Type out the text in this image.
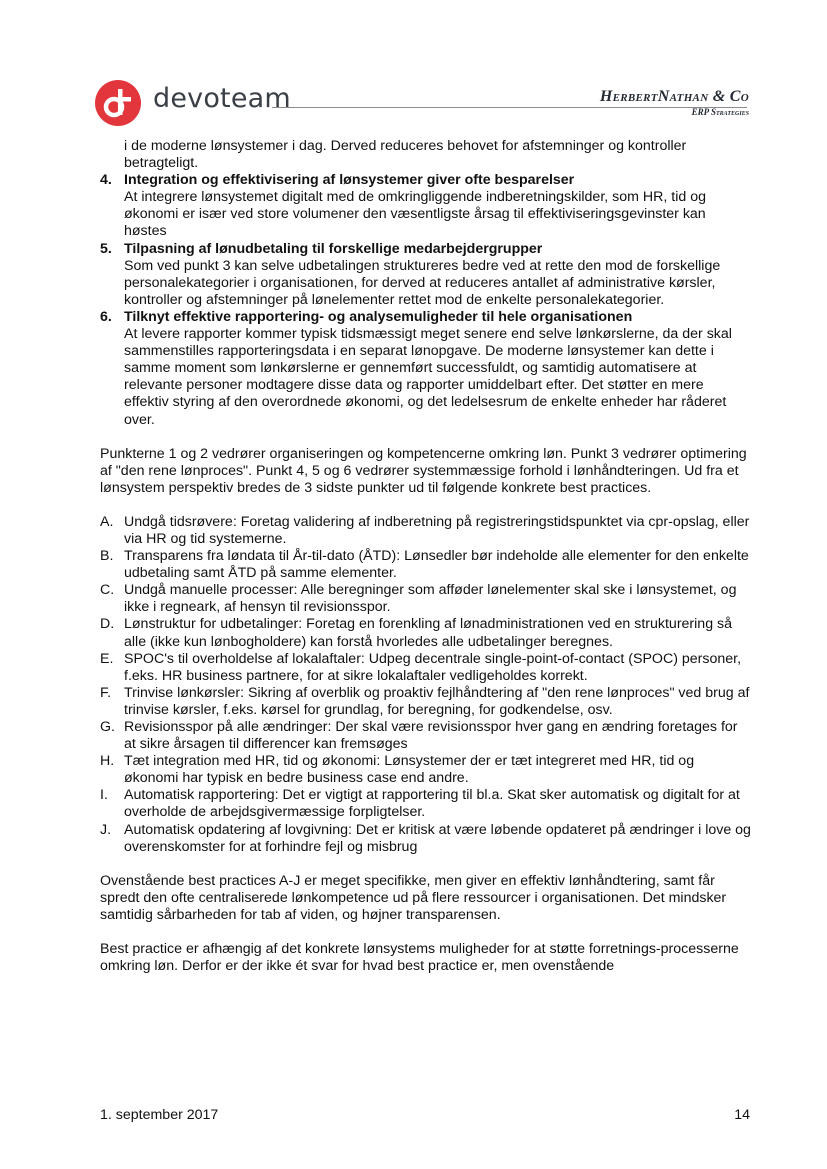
devoteam	HerbertNathan & Co
ERP Strategies
i de moderne lønsystemer i dag. Derved reduceres behovet for afstemninger og kontroller betragteligt.
4. Integration og effektivisering af lønsystemer giver ofte besparelser
At integrere lønsystemet digitalt med de omkringliggende indberetningskilder, som HR, tid og økonomi er især ved store volumener den væsentligste årsag til effektiviseringsgevinster kan høstes
5. Tilpasning af lønudbetaling til forskellige medarbejdergrupper
Som ved punkt 3 kan selve udbetalingen struktureres bedre ved at rette den mod de forskellige personalekategorier i organisationen, for derved at reduceres antallet af administrative kørsler, kontroller og afstemninger på lønelementer rettet mod de enkelte personalekategorier.
6. Tilknyt effektive rapportering- og analysemuligheder til hele organisationen
At levere rapporter kommer typisk tidsmæssigt meget senere end selve lønkørslerne, da der skal sammenstilles rapporteringsdata i en separat lønopgave. De moderne lønsystemer kan dette i samme moment som lønkørslerne er gennemført successfuldt, og samtidig automatisere at relevante personer modtagere disse data og rapporter umiddelbart efter. Det støtter en mere effektiv styring af den overordnede økonomi, og det ledelsesrum de enkelte enheder har råderet over.

Punkterne 1 og 2 vedrører organiseringen og kompetencerne omkring løn. Punkt 3 vedrører optimering af "den rene lønproces". Punkt 4, 5 og 6 vedrører systemmæssige forhold i lønhåndteringen. Ud fra et lønsystem perspektiv bredes de 3 sidste punkter ud til følgende konkrete best practices.

A. Undgå tidsrøvere: Foretag validering af indberetning på registreringstidspunktet via cpr-opslag, eller via HR og tid systemerne.
B. Transparens fra løndata til År-til-dato (ÅTD): Lønsedler bør indeholde alle elementer for den enkelte udbetaling samt ÅTD på samme elementer.
C. Undgå manuelle processer: Alle beregninger som afføder lønelementer skal ske i lønsystemet, og ikke i regneark, af hensyn til revisionsspor.
D. Lønstruktur for udbetalinger: Foretag en forenkling af lønadministrationen ved en strukturering så alle (ikke kun lønbogholdere) kan forstå hvorledes alle udbetalinger beregnes.
E. SPOC's til overholdelse af lokalaftaler: Udpeg decentrale single-point-of-contact (SPOC) personer, f.eks. HR business partnere, for at sikre lokalaftaler vedligeholdes korrekt.
F. Trinvise lønkørsler: Sikring af overblik og proaktiv fejlhåndtering af "den rene lønproces" ved brug af trinvise kørsler, f.eks. kørsel for grundlag, for beregning, for godkendelse, osv.
G. Revisionsspor på alle ændringer: Der skal være revisionsspor hver gang en ændring foretages for at sikre årsagen til differencer kan fremsøges
H. Tæt integration med HR, tid og økonomi: Lønsystemer der er tæt integreret med HR, tid og økonomi har typisk en bedre business case end andre.
I. Automatisk rapportering: Det er vigtigt at rapportering til bl.a. Skat sker automatisk og digitalt for at overholde de arbejdsgivermæssige forpligtelser.
J. Automatisk opdatering af lovgivning: Det er kritisk at være løbende opdateret på ændringer i love og overenskomster for at forhindre fejl og misbrug

Ovenstående best practices A-J er meget specifikke, men giver en effektiv lønhåndtering, samt får spredt den ofte centraliserede lønkompetence ud på flere ressourcer i organisationen. Det mindsker samtidig sårbarheden for tab af viden, og højner transparensen.

Best practice er afhængig af det konkrete lønsystems muligheder for at støtte forretnings-processerne omkring løn. Derfor er der ikke ét svar for hvad best practice er, men ovenstående

1. september 2017	14
